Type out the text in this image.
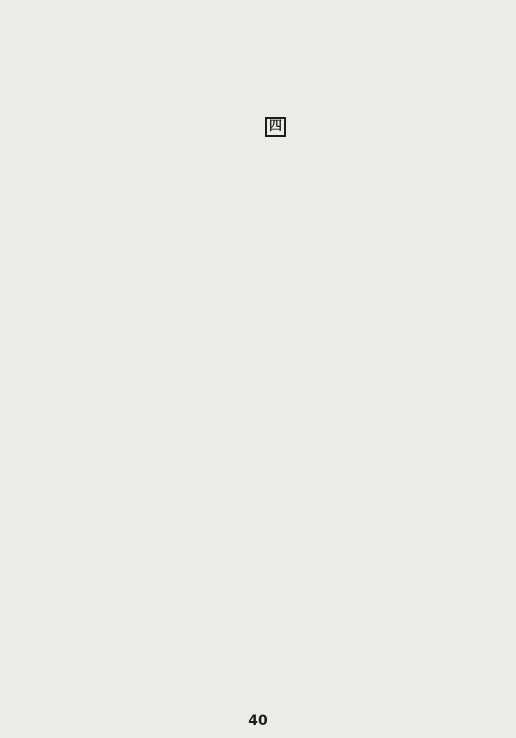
四
40
